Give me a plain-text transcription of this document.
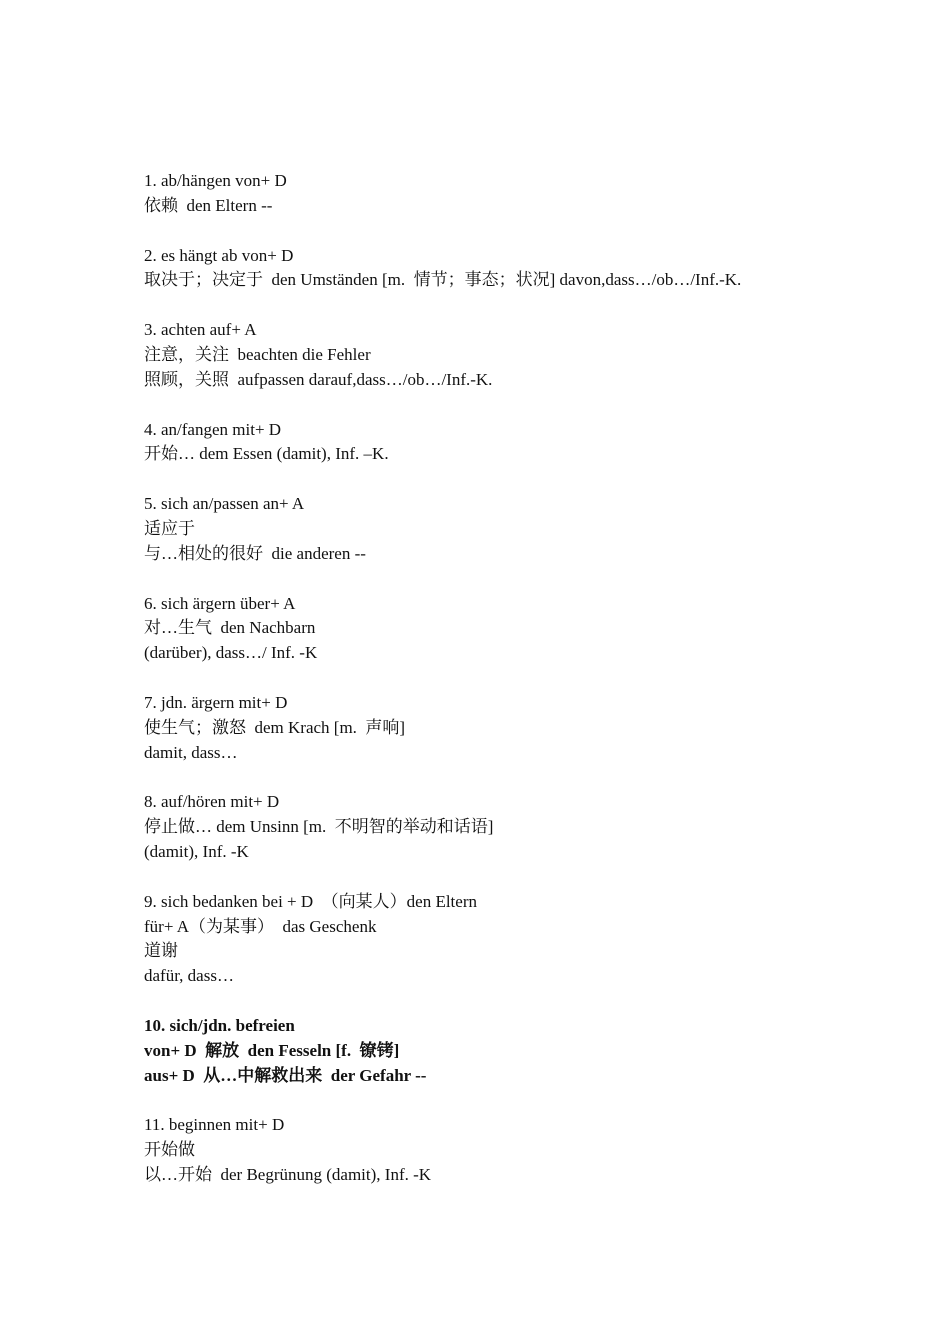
1. ab/hängen von+ D
依赖  den Eltern --
2. es hängt ab von+ D
取决于；决定于  den Umständen [m.  情节；事态；状况] davon,dass…/ob…/Inf.-K.
3. achten auf+ A
注意，关注  beachten die Fehler
照顾，关照  aufpassen darauf,dass…/ob…/Inf.-K.
4. an/fangen mit+ D
开始… dem Essen (damit), Inf. –K.
5. sich an/passen an+ A
适应于
与…相处的很好  die anderen --
6. sich ärgern über+ A
对…生气  den Nachbarn
(darüber), dass…/ Inf. -K
7. jdn. ärgern mit+ D
使生气；激怒  dem Krach [m.  声响]
damit, dass…
8. auf/hören mit+ D
停止做… dem Unsinn [m.  不明智的举动和话语]
(damit), Inf. -K
9. sich bedanken bei + D  （向某人）den Eltern
für+ A（为某事）  das Geschenk
道谢
dafür, dass…
10. sich/jdn. befreien
von+ D  解放  den Fesseln [f.  镣铐]
aus+ D  从…中解救出来  der Gefahr --
11. beginnen mit+ D
开始做
以…开始  der Begrünung (damit), Inf. -K
